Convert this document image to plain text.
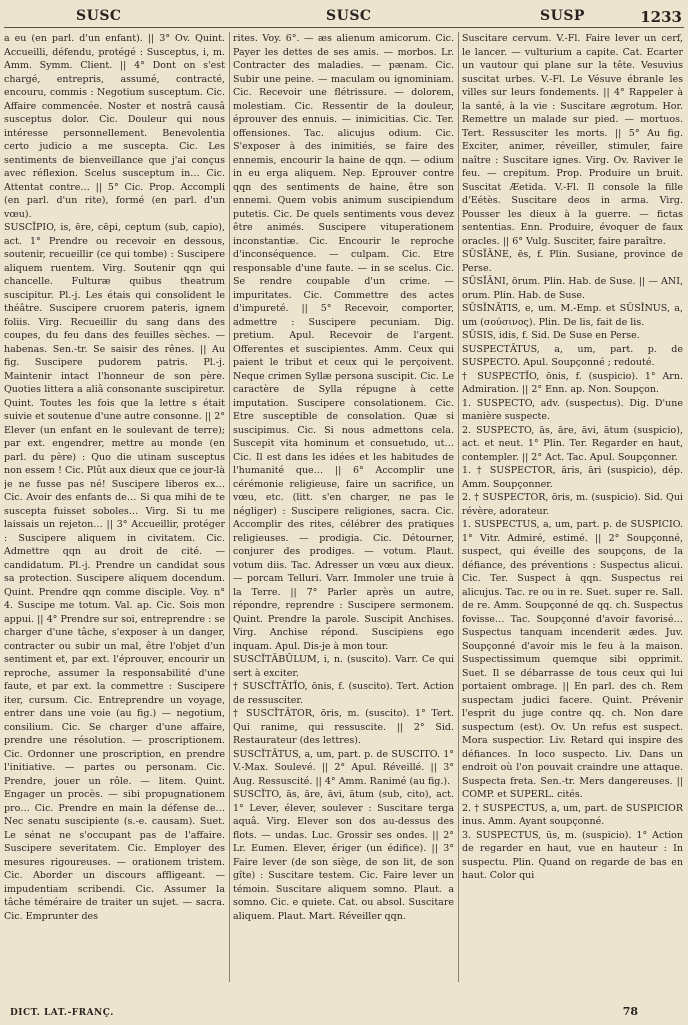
SUSC	SUSC	SUSP	1233

a eu (en parl. d'un enfant). || 3° Ov. Quint. Accueilli, défendu, protégé : Susceptus, i, m. Amm. Symm. Client. || 4° Dont on s'est chargé, entrepris, assumé, contracté, encouru, commis : Negotium susceptum. Cic. Affaire commencée. Noster et nostrâ causâ susceptus dolor. Cic. Douleur qui nous intéresse personnellement. Benevolentia certo judicio a me suscepta. Cic. Les sentiments de bienveillance que j'ai conçus avec réflexion. Scelus susceptum in… Cic. Attentat contre… || 5° Cic. Prop. Accompli (en parl. d'un rite), formé (en parl. d'un vœu).

SUSCĬPIO, is, ēre, cēpi, ceptum (sub, capio), act. 1° Prendre ou recevoir en dessous, soutenir, recueillir (ce qui tombe) : Suscipere aliquem ruentem. Virg. Soutenir qqn qui chancelle. Fulturæ quibus theatrum suscipitur. Pl.-j. Les étais qui consolident le théâtre. Suscipere cruorem pateris, ignem foliis. Virg. Recueillir du sang dans des coupes, du feu dans des feuilles sèches. — habenas. Sen.-tr. Se saisir des rênes. || Au fig. Suscipere pudorem patris. Pl.-j. Maintenir intact l'honneur de son père. Quoties littera a aliâ consonante suscipiretur. Quint. Toutes les fois que la lettre s était suivie et soutenue d'une autre consonne. || 2° Elever (un enfant en le soulevant de terre); par ext. engendrer, mettre au monde (en parl. du père) : Quo die utinam susceptus non essem ! Cic. Plût aux dieux que ce jour-là je ne fusse pas né! Suscipere liberos ex… Cic. Avoir des enfants de… Si qua mihi de te suscepta fuisset soboles… Virg. Si tu me laissais un rejeton… || 3° Accueillir, protéger : Suscipere aliquem in civitatem. Cic. Admettre qqn au droit de cité. — candidatum. Pl.-j. Prendre un candidat sous sa protection. Suscipere aliquem docendum. Quint. Prendre qqn comme disciple. Voy. n° 4. Suscipe me totum. Val. ap. Cic. Sois mon appui. || 4° Prendre sur soi, entreprendre : se charger d'une tâche, s'exposer à un danger, contracter ou subir un mal, être l'objet d'un sentiment et, par ext. l'éprouver, encourir un reproche, assumer la responsabilité d'une faute, et par ext. la commettre : Suscipere iter, cursum. Cic. Entreprendre un voyage, entrer dans une voie (au fig.) — negotium, consilium. Cic. Se charger d'une affaire, prendre une résolution. — proscriptionem. Cic. Ordonner une proscription, en prendre l'initiative. — partes ou personam. Cic. Prendre, jouer un rôle. — litem. Quint. Engager un procès. — sibi propugnationem pro… Cic. Prendre en main la défense de… Nec senatu suscipiente (s.-e. causam). Suet. Le sénat ne s'occupant pas de l'affaire. Suscipere severitatem. Cic. Employer des mesures rigoureuses. — orationem tristem. Cic. Aborder un discours affligeant. — impudentiam scribendi. Cic. Assumer la tâche téméraire de traiter un sujet. — sacra. Cic. Emprunter des

rites. Voy. 6°. — æs alienum amicorum. Cic. Payer les dettes de ses amis. — morbos. Lr. Contracter des maladies. — pænam. Cic. Subir une peine. — maculam ou ignominiam. Cic. Recevoir une flétrissure. — dolorem, molestiam. Cic. Ressentir de la douleur, éprouver des ennuis. — inimicitias. Cic. Ter. offensiones. Tac. alicujus odium. Cic. S'exposer à des inimitiés, se faire des ennemis, encourir la haine de qqn. — odium in eu erga aliquem. Nep. Eprouver contre qqn des sentiments de haine, être son ennemi. Quem vobis animum suscipiendum putetis. Cic. De quels sentiments vous devez être animés. Suscipere vituperationem inconstantiæ. Cic. Encourir le reproche d'inconséquence. — culpam. Cic. Etre responsable d'une faute. — in se scelus. Cic. Se rendre coupable d'un crime. — impuritates. Cic. Commettre des actes d'impureté. || 5° Recevoir, comporter, admettre : Suscipere pecuniam. Dig. pretium. Apul. Recevoir de l'argent. Offerentes et suscipientes. Amm. Ceux qui paient le tribut et ceux qui le perçoivent. Neque crimen Syllæ persona suscipit. Cic. Le caractère de Sylla répugne à cette imputation. Suscipere consolationem. Cic. Etre susceptible de consolation. Quæ si suscipimus. Cic. Si nous admettons cela. Suscepit vita hominum et consuetudo, ut… Cic. Il est dans les idées et les habitudes de l'humanité que… || 6° Accomplir une cérémonie religieuse, faire un sacrifice, un vœu, etc. (litt. s'en charger, ne pas le négliger) : Suscipere religiones, sacra. Cic. Accomplir des rites, célébrer des pratiques religieuses. — prodigia. Cic. Détourner, conjurer des prodiges. — votum. Plaut. votum diis. Tac. Adresser un vœu aux dieux. — porcam Telluri. Varr. Immoler une truie à la Terre. || 7° Parler après un autre, répondre, reprendre : Suscipere sermonem. Quint. Prendre la parole. Suscipit Anchises. Virg. Anchise répond. Suscipiens ego inquam. Apul. Dis-je à mon tour.

SUSCĬTĀBŬLUM, i, n. (suscito). Varr. Ce qui sert à exciter.

† SUSCĬTĀTĬO, ōnis, f. (suscito). Tert. Action de ressusciter.

† SUSCĬTĀTOR, ōris, m. (suscito). 1° Tert. Qui ranime, qui ressuscite. || 2° Sid. Restaurateur (des lettres).

SUSCĬTĀTUS, a, um, part. p. de SUSCITO. 1° V.-Max. Soulevé. || 2° Apul. Réveillé. || 3° Aug. Ressuscité. || 4° Amm. Ranimé (au fig.).

SUSCĬTO, ās, āre, āvi, ātum (sub, cito), act. 1° Lever, élever, soulever : Suscitare terga aquâ. Virg. Elever son dos au-dessus des flots. — undas. Luc. Grossir ses ondes. || 2° Lr. Eumen. Elever, ériger (un édifice). || 3° Faire lever (de son siège, de son lit, de son gîte) : Suscitare testem. Cic. Faire lever un témoin. Suscitare aliquem somno. Plaut. a somno. Cic. e quiete. Cat. ou absol. Suscitare aliquem. Plaut. Mart. Réveiller qqn.

Suscitare cervum. V.-Fl. Faire lever un cerf, le lancer. — vulturium a capite. Cat. Ecarter un vautour qui plane sur la tête. Vesuvius suscitat urbes. V.-Fl. Le Vésuve ébranle les villes sur leurs fondements. || 4° Rappeler à la santé, à la vie : Suscitare ægrotum. Hor. Remettre un malade sur pied. — mortuos. Tert. Ressusciter les morts. || 5° Au fig. Exciter, animer, réveiller, stimuler, faire naître : Suscitare ignes. Virg. Ov. Raviver le feu. — crepitum. Prop. Produire un bruit. Suscitat Æetida. V.-Fl. Il console la fille d'Eétès. Suscitare deos in arma. Virg. Pousser les dieux à la guerre. — fictas sententias. Enn. Produire, évoquer de faux oracles. || 6° Vulg. Susciter, faire paraître.

SŪSĬĀNE, ēs, f. Plin. Susiane, province de Perse.

SŪSĬĀNI, ōrum. Plin. Hab. de Suse. || — ANI, orum. Plin. Hab. de Suse.

SŪSĬNĀTIS, e, um. M.-Emp. et SŪSĬNUS, a, um (σούσινος). Plin. De lis, fait de lis.

SŪSIS, idis, f. Sid. De Suse en Perse.

SUSPECTĀTUS, a, um, part. p. de SUSPECTO. Apul. Soupçonné ; redouté.

† SUSPECTĬO, ōnis, f. (suspicio). 1° Arn. Admiration. || 2° Enn. ap. Non. Soupçon.

1. SUSPECTO, adv. (suspectus). Dig. D'une manière suspecte.

2. SUSPECTO, ās, āre, āvi, ātum (suspicio), act. et neut. 1° Plin. Ter. Regarder en haut, contempler. || 2° Act. Tac. Apul. Soupçonner.

1. † SUSPECTOR, āris, āri (suspicio), dép. Amm. Soupçonner.

2. † SUSPECTOR, ōris, m. (suspicio). Sid. Qui révère, adorateur.

1. SUSPECTUS, a, um, part. p. de SUSPICIO. 1° Vitr. Admiré, estimé. || 2° Soupçonné, suspect, qui éveille des soupçons, de la défiance, des préventions : Suspectus alicui. Cic. Ter. Suspect à qqn. Suspectus rei alicujus. Tac. re ou in re. Suet. super re. Sall. de re. Amm. Soupçonné de qq. ch. Suspectus fovisse… Tac. Soupçonné d'avoir favorisé… Suspectus tanquam incenderit ædes. Juv. Soupçonné d'avoir mis le feu à la maison. Suspectissimum quemque sibi opprimit. Suet. Il se débarrasse de tous ceux qui lui portaient ombrage. || En parl. des ch. Rem suspectam judici facere. Quint. Prévenir l'esprit du juge contre qq. ch. Non dare suspectum (est). Ov. Un refus est suspect. Mora suspectior. Liv. Retard qui inspire des défiances. In loco suspecto. Liv. Dans un endroit où l'on pouvait craindre une attaque. Suspecta freta. Sen.-tr. Mers dangereuses. || COMP. et SUPERL. cités.

2. † SUSPECTUS, a, um, part. de SUSPICIOR inus. Amm. Ayant soupçonné.

3. SUSPECTUS, ūs, m. (suspicio). 1° Action de regarder en haut, vue en hauteur : In suspectu. Plin. Quand on regarde de bas en haut. Color qui

DICT. LAT.-FRANÇ.	78
